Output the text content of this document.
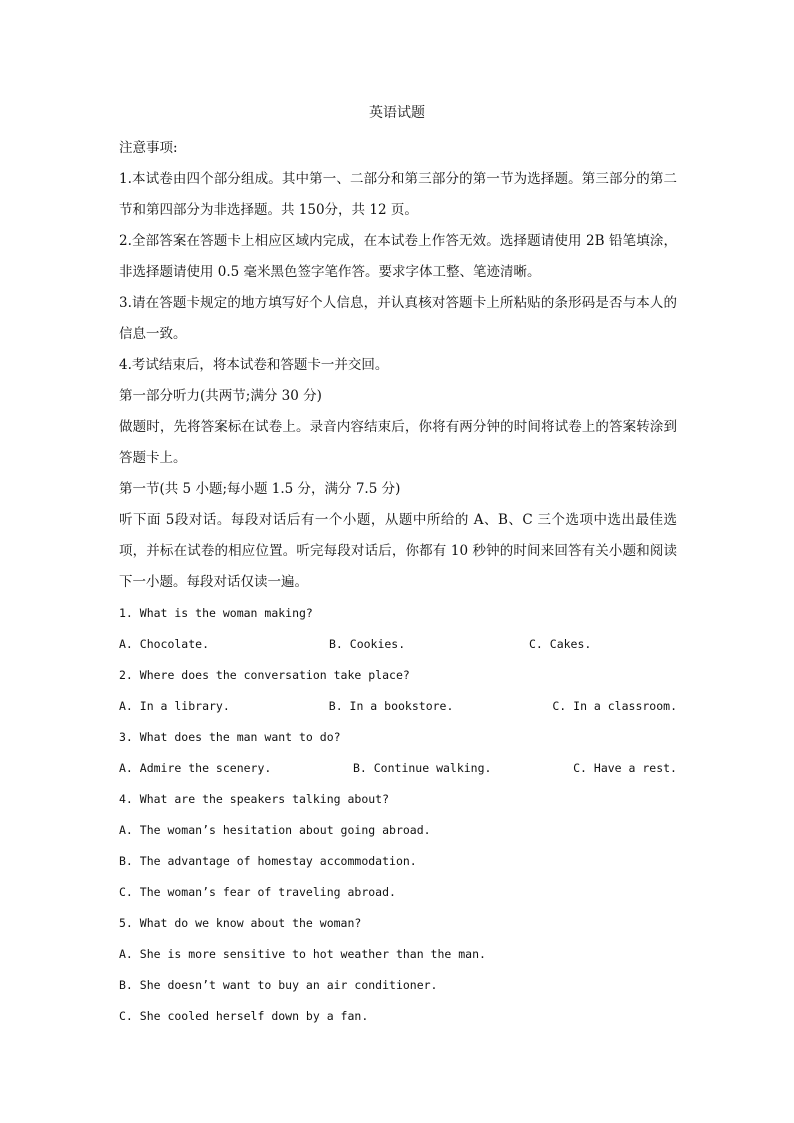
英语试题

注意事项:

1.本试卷由四个部分组成。其中第一、二部分和第三部分的第一节为选择题。第三部分的第二节和第四部分为非选择题。共 150分，共 12 页。

2.全部答案在答题卡上相应区域内完成，在本试卷上作答无效。选择题请使用 2B 铅笔填涂，非选择题请使用 0.5 毫米黑色签字笔作答。要求字体工整、笔迹清晰。

3.请在答题卡规定的地方填写好个人信息，并认真核对答题卡上所粘贴的条形码是否与本人的信息一致。

4.考试结束后，将本试卷和答题卡一并交回。

第一部分听力(共两节;满分 30 分)

做题时，先将答案标在试卷上。录音内容结束后，你将有两分钟的时间将试卷上的答案转涂到答题卡上。

第一节(共 5 小题;每小题 1.5 分，满分 7.5 分)

听下面 5段对话。每段对话后有一个小题，从题中所给的 A、B、C 三个选项中选出最佳选项，并标在试卷的相应位置。听完每段对话后，你都有 10 秒钟的时间来回答有关小题和阅读下一小题。每段对话仅读一遍。

1. What is the woman making?

A. Chocolate.	B. Cookies.	C. Cakes.

2. Where does the conversation take place?

A. In a library.	B. In a bookstore.	C. In a classroom.

3. What does the man want to do?

A. Admire the scenery.	B. Continue walking.	C. Have a rest.

4. What are the speakers talking about?

A. The woman’s hesitation about going abroad.

B. The advantage of homestay accommodation.

C. The woman’s fear of traveling abroad.

5. What do we know about the woman?

A. She is more sensitive to hot weather than the man.

B. She doesn’t want to buy an air conditioner.

C. She cooled herself down by a fan.
